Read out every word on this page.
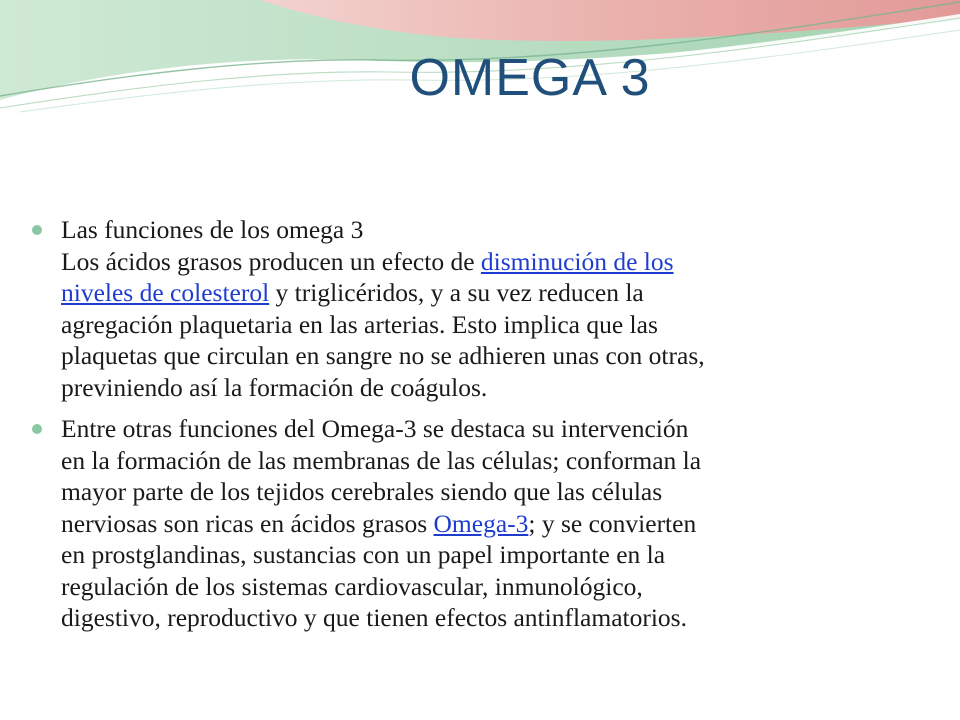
OMEGA 3
Las funciones de los omega 3
Los ácidos grasos producen un efecto de disminución de los
niveles de colesterol y triglicéridos, y a su vez reducen la
agregación plaquetaria en las arterias. Esto implica que las
plaquetas que circulan en sangre no se adhieren unas con otras,
previniendo así la formación de coágulos.
Entre otras funciones del Omega-3 se destaca su intervención
en la formación de las membranas de las células; conforman la
mayor parte de los tejidos cerebrales siendo que las células
nerviosas son ricas en ácidos grasos Omega-3; y se convierten
en prostglandinas, sustancias con un papel importante en la
regulación de los sistemas cardiovascular, inmunológico,
digestivo, reproductivo y que tienen efectos antinflamatorios.
